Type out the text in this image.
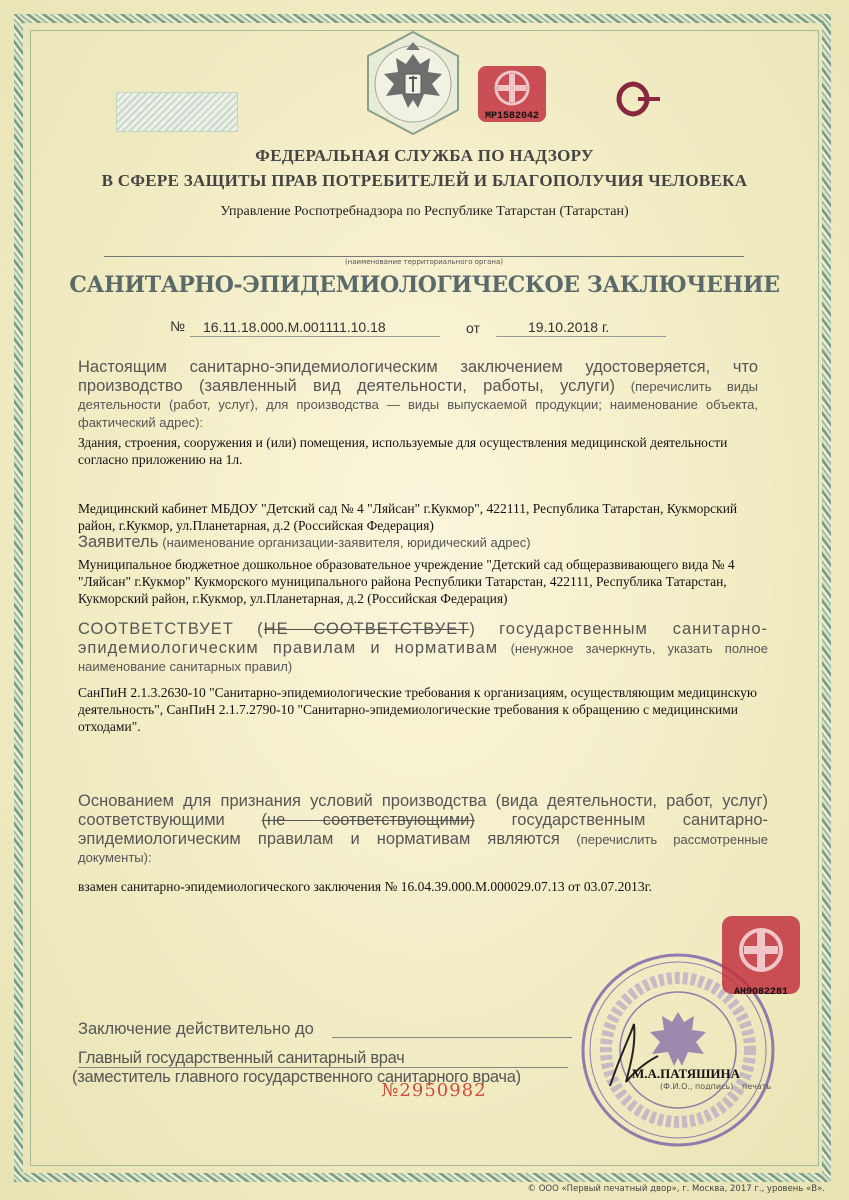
МР1582042
ФЕДЕРАЛЬНАЯ СЛУЖБА ПО НАДЗОРУ
В СФЕРЕ ЗАЩИТЫ ПРАВ ПОТРЕБИТЕЛЕЙ И БЛАГОПОЛУЧИЯ ЧЕЛОВЕКА
Управление Роспотребнадзора по Республике Татарстан (Татарстан)
(наименование территориального органа)
САНИТАРНО-ЭПИДЕМИОЛОГИЧЕСКОЕ ЗАКЛЮЧЕНИЕ
№ 16.11.18.000.М.001111.10.18	от	19.10.2018 г.
Настоящим санитарно-эпидемиологическим заключением удостоверяется, что производство (заявленный вид деятельности, работы, услуги) (перечислить виды деятельности (работ, услуг), для производства — виды выпускаемой продукции; наименование объекта, фактический адрес):
Здания, строения, сооружения и (или) помещения, используемые для осуществления медицинской деятельности согласно приложению на 1л.
Медицинский кабинет МБДОУ "Детский сад № 4 "Ляйсан" г.Кукмор", 422111, Республика Татарстан, Кукморский район, г.Кукмор, ул.Планетарная, д.2 (Российская Федерация)
Заявитель (наименование организации-заявителя, юридический адрес)
Муниципальное бюджетное дошкольное образовательное учреждение "Детский сад общеразвивающего вида № 4 "Ляйсан" г.Кукмор" Кукморского муниципального района Республики Татарстан, 422111, Республика Татарстан, Кукморский район, г.Кукмор, ул.Планетарная, д.2 (Российская Федерация)
СООТВЕТСТВУЕТ (НЕ СООТВЕТСТВУЕТ) государственным санитарно-эпидемиологическим правилам и нормативам (ненужное зачеркнуть, указать полное наименование санитарных правил)
СанПиН 2.1.3.2630-10 "Санитарно-эпидемиологические требования к организациям, осуществляющим медицинскую деятельность", СанПиН 2.1.7.2790-10 "Санитарно-эпидемиологические требования к обращению с медицинскими отходами".
Основанием для признания условий производства (вида деятельности, работ, услуг) соответствующими (не соответствующими) государственным санитарно-эпидемиологическим правилам и нормативам являются (перечислить рассмотренные документы):
взамен санитарно-эпидемиологического заключения № 16.04.39.000.М.000029.07.13 от 03.07.2013г.
Заключение действительно до
Главный государственный санитарный врач
(заместитель главного государственного санитарного врача)
АН9082281
М.А.ПАТЯШИНА
(Ф.И.О., подпись) печать
№2950982
© ООО «Первый печатный двор», г. Москва, 2017 г., уровень «В».
